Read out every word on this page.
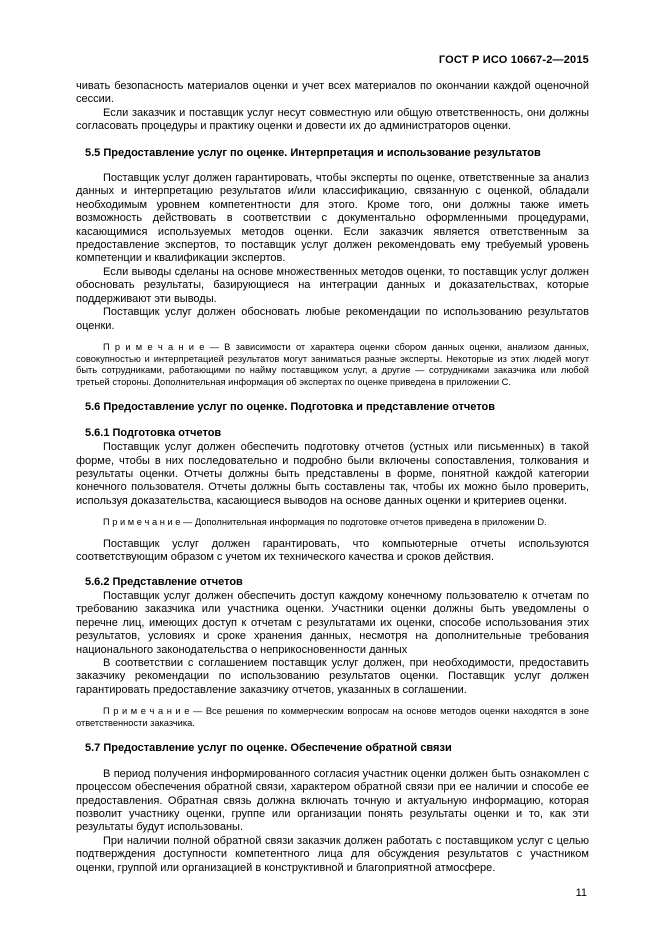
ГОСТ Р ИСО 10667-2—2015

чивать безопасность материалов оценки и учет всех материалов по окончании каждой оценочной сессии.

Если заказчик и поставщик услуг несут совместную или общую ответственность, они должны согласовать процедуры и практику оценки и довести их до администраторов оценки.

5.5 Предоставление услуг по оценке. Интерпретация и использование результатов

Поставщик услуг должен гарантировать, чтобы эксперты по оценке, ответственные за анализ данных и интерпретацию результатов и/или классификацию, связанную с оценкой, обладали необходимым уровнем компетентности для этого. Кроме того, они должны также иметь возможность действовать в соответствии с документально оформленными процедурами, касающимися используемых методов оценки. Если заказчик является ответственным за предоставление экспертов, то поставщик услуг должен рекомендовать ему требуемый уровень компетенции и квалификации экспертов.

Если выводы сделаны на основе множественных методов оценки, то поставщик услуг должен обосновать результаты, базирующиеся на интеграции данных и доказательствах, которые поддерживают эти выводы.

Поставщик услуг должен обосновать любые рекомендации по использованию результатов оценки.

П р и м е ч а н и е — В зависимости от характера оценки сбором данных оценки, анализом данных, совокупностью и интерпретацией результатов могут заниматься разные эксперты. Некоторые из этих людей могут быть сотрудниками, работающими по найму поставщиком услуг, а другие — сотрудниками заказчика или любой третьей стороны. Дополнительная информация об экспертах по оценке приведена в приложении С.

5.6 Предоставление услуг по оценке. Подготовка и представление отчетов

5.6.1 Подготовка отчетов

Поставщик услуг должен обеспечить подготовку отчетов (устных или письменных) в такой форме, чтобы в них последовательно и подробно были включены сопоставления, толкования и результаты оценки. Отчеты должны быть представлены в форме, понятной каждой категории конечного пользователя. Отчеты должны быть составлены так, чтобы их можно было проверить, используя доказательства, касающиеся выводов на основе данных оценки и критериев оценки.

П р и м е ч а н и е — Дополнительная информация по подготовке отчетов приведена в приложении D.

Поставщик услуг должен гарантировать, что компьютерные отчеты используются соответствующим образом с учетом их технического качества и сроков действия.

5.6.2 Представление отчетов

Поставщик услуг должен обеспечить доступ каждому конечному пользователю к отчетам по требованию заказчика или участника оценки. Участники оценки должны быть уведомлены о перечне лиц, имеющих доступ к отчетам с результатами их оценки, способе использования этих результатов, условиях и сроке хранения данных, несмотря на дополнительные требования национального законодательства о неприкосновенности данных

В соответствии с соглашением поставщик услуг должен, при необходимости, предоставить заказчику рекомендации по использованию результатов оценки. Поставщик услуг должен гарантировать предоставление заказчику отчетов, указанных в соглашении.

П р и м е ч а н и е — Все решения по коммерческим вопросам на основе методов оценки находятся в зоне ответственности заказчика.

5.7 Предоставление услуг по оценке. Обеспечение обратной связи

В период получения информированного согласия участник оценки должен быть ознакомлен с процессом обеспечения обратной связи, характером обратной связи при ее наличии и способе ее предоставления. Обратная связь должна включать точную и актуальную информацию, которая позволит участнику оценки, группе или организации понять результаты оценки и то, как эти результаты будут использованы.

При наличии полной обратной связи заказчик должен работать с поставщиком услуг с целью подтверждения доступности компетентного лица для обсуждения результатов с участником оценки, группой или организацией в конструктивной и благоприятной атмосфере.

11
